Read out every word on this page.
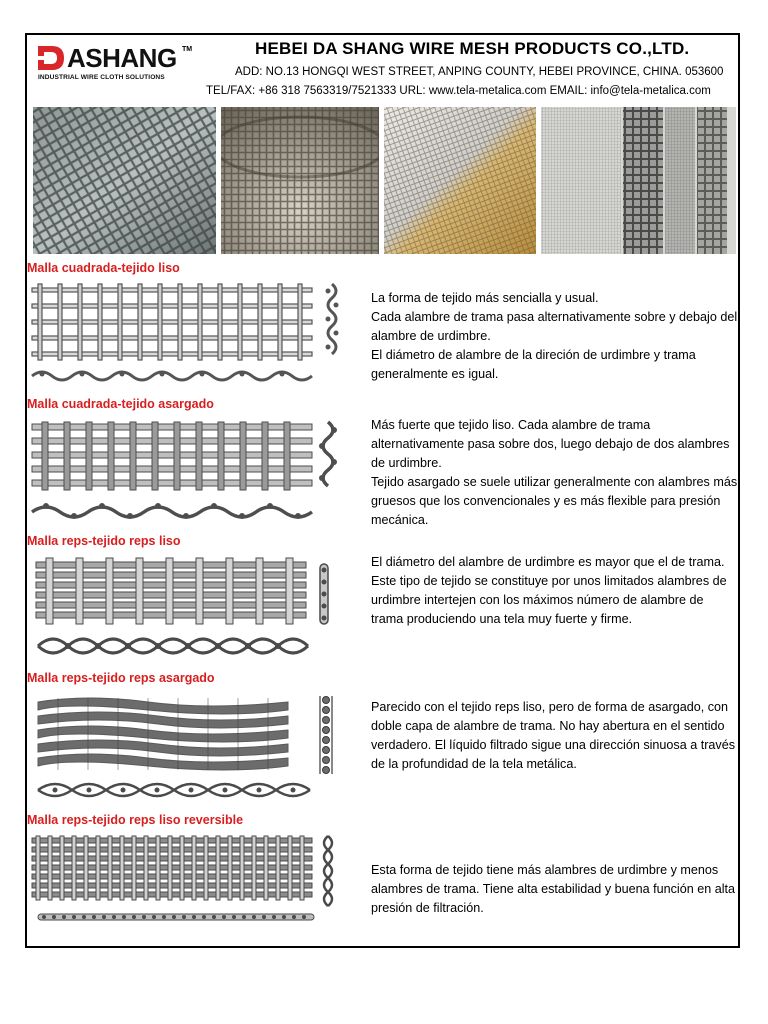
ASHANG TM
INDUSTRIAL WIRE CLOTH SOLUTIONS
HEBEI DA SHANG WIRE MESH PRODUCTS CO.,LTD.
ADD: NO.13 HONGQI WEST STREET, ANPING COUNTY, HEBEI PROVINCE, CHINA. 053600
TEL/FAX: +86 318 7563319/7521333 URL: www.tela-metalica.com EMAIL: info@tela-metalica.com
Malla cuadrada-tejido liso

La forma de tejido más sencialla y usual.

Cada alambre de trama pasa alternativamente sobre y debajo del alambre de urdimbre.

El diámetro de alambre de la direción de urdimbre y trama generalmente es igual.

Malla cuadrada-tejido asargado

Más fuerte que tejido liso. Cada alambre de trama alternativamente pasa sobre dos, luego debajo de dos alambres de urdimbre.

Tejido asargado se suele utilizar generalmente con alambres más gruesos que los convencionales y es más flexible para presión mecánica.

Malla reps-tejido reps liso

El diámetro del alambre de urdimbre es mayor que el de trama.

Este tipo de tejido se constituye por unos limitados alambres de urdimbre intertejen con los máximos número de alambre de trama produciendo una tela muy fuerte y firme.

Malla reps-tejido reps asargado

Parecido con el tejido reps liso, pero de forma de asargado, con doble capa de alambre de trama. No hay abertura en el sentido verdadero. El líquido filtrado sigue una dirección sinuosa a través de la profundidad de la tela metálica.

Malla reps-tejido reps liso reversible

Esta forma de tejido tiene más alambres de urdimbre y menos alambres de trama. Tiene alta estabilidad y buena función en alta presión de filtración.
